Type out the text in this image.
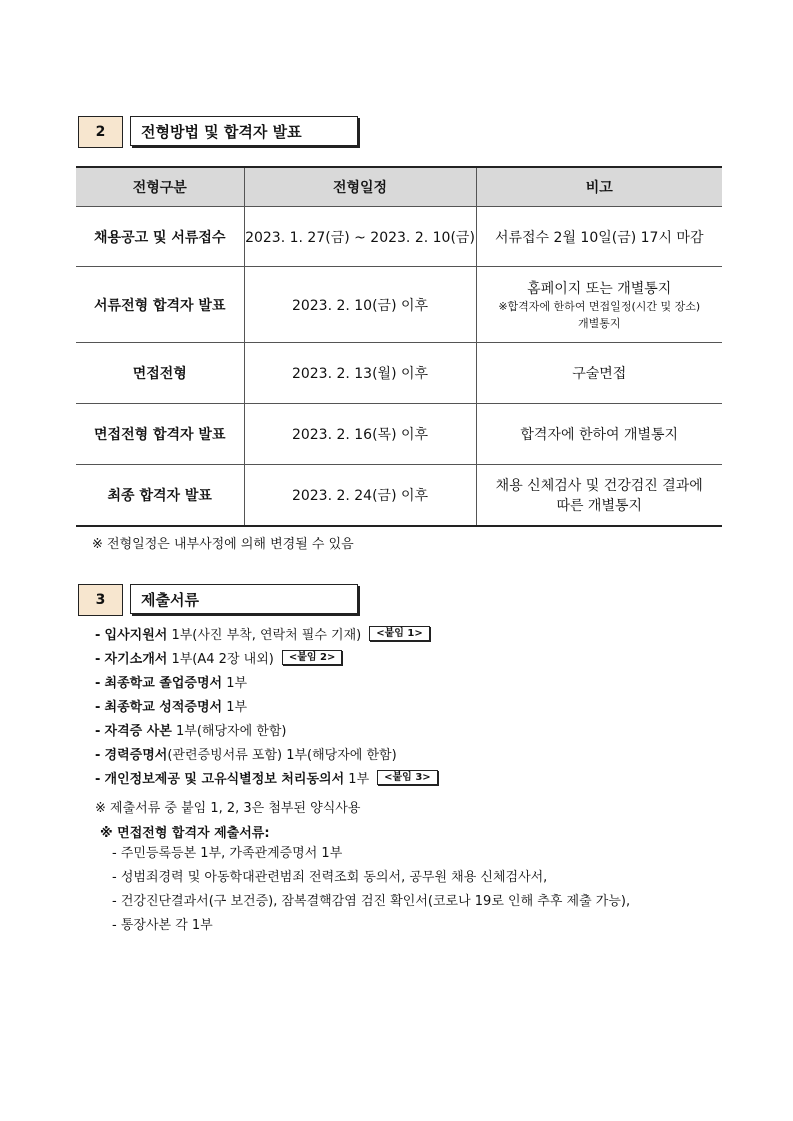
2	전형방법 및 합격자 발표
전형구분	전형일정	비고
채용공고 및 서류접수	2023. 1. 27(금) ~ 2023. 2. 10(금)	서류접수 2월 10일(금) 17시 마감

서류전형 합격자 발표	2023. 2. 10(금) 이후	홈페이지 또는 개별통지
※합격자에 한하여 면접일정(시간 및 장소)
개별통지

면접전형	2023. 2. 13(월) 이후	구술면접

면접전형 합격자 발표	2023. 2. 16(목) 이후	합격자에 한하여 개별통지

최종 합격자 발표	2023. 2. 24(금) 이후	채용 신체검사 및 건강검진 결과에
따른 개별통지
※ 전형일정은 내부사정에 의해 변경될 수 있음
3	제출서류
- 입사지원서 1부(사진 부착, 연락처 필수 기재) <붙임 1>
- 자기소개서 1부(A4 2장 내외) <붙임 2>
- 최종학교 졸업증명서 1부
- 최종학교 성적증명서 1부
- 자격증 사본 1부(해당자에 한함)
- 경력증명서(관련증빙서류 포함) 1부(해당자에 한함)
- 개인정보제공 및 고유식별정보 처리동의서 1부 <붙임 3>
※ 제출서류 중 붙임 1, 2, 3은 첨부된 양식사용
※ 면접전형 합격자 제출서류:
- 주민등록등본 1부, 가족관계증명서 1부
- 성범죄경력 및 아동학대관련범죄 전력조회 동의서, 공무원 채용 신체검사서,
- 건강진단결과서(구 보건증), 잠복결핵감염 검진 확인서(코로나 19로 인해 추후 제출 가능),
- 통장사본 각 1부
